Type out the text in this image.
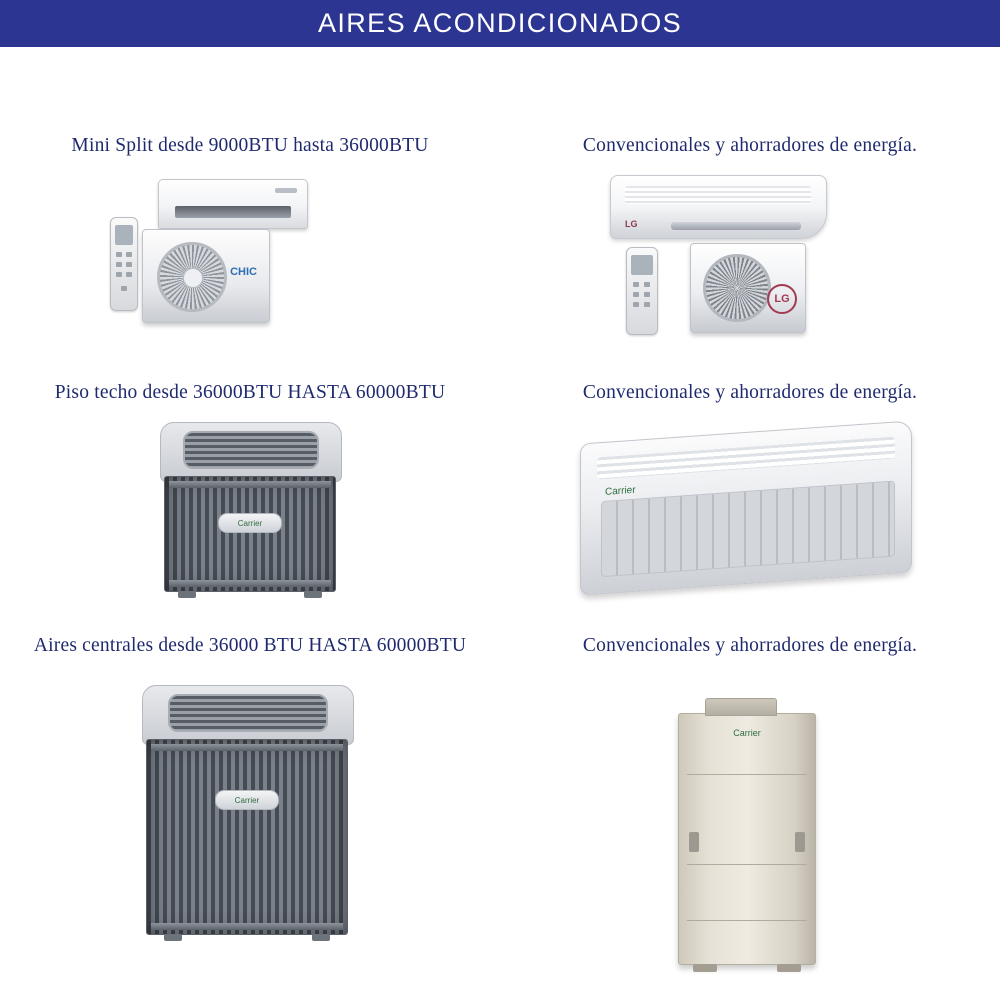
AIRES ACONDICIONADOS
Mini Split desde 9000BTU hasta 36000BTU
CHIC
Convencionales y ahorradores de energía.
LG
LG
Piso techo desde 36000BTU HASTA 60000BTU
Carrier
Convencionales y ahorradores de energía.
Carrier
Aires centrales desde 36000 BTU HASTA 60000BTU
Carrier
Convencionales y ahorradores de energía.
Carrier
